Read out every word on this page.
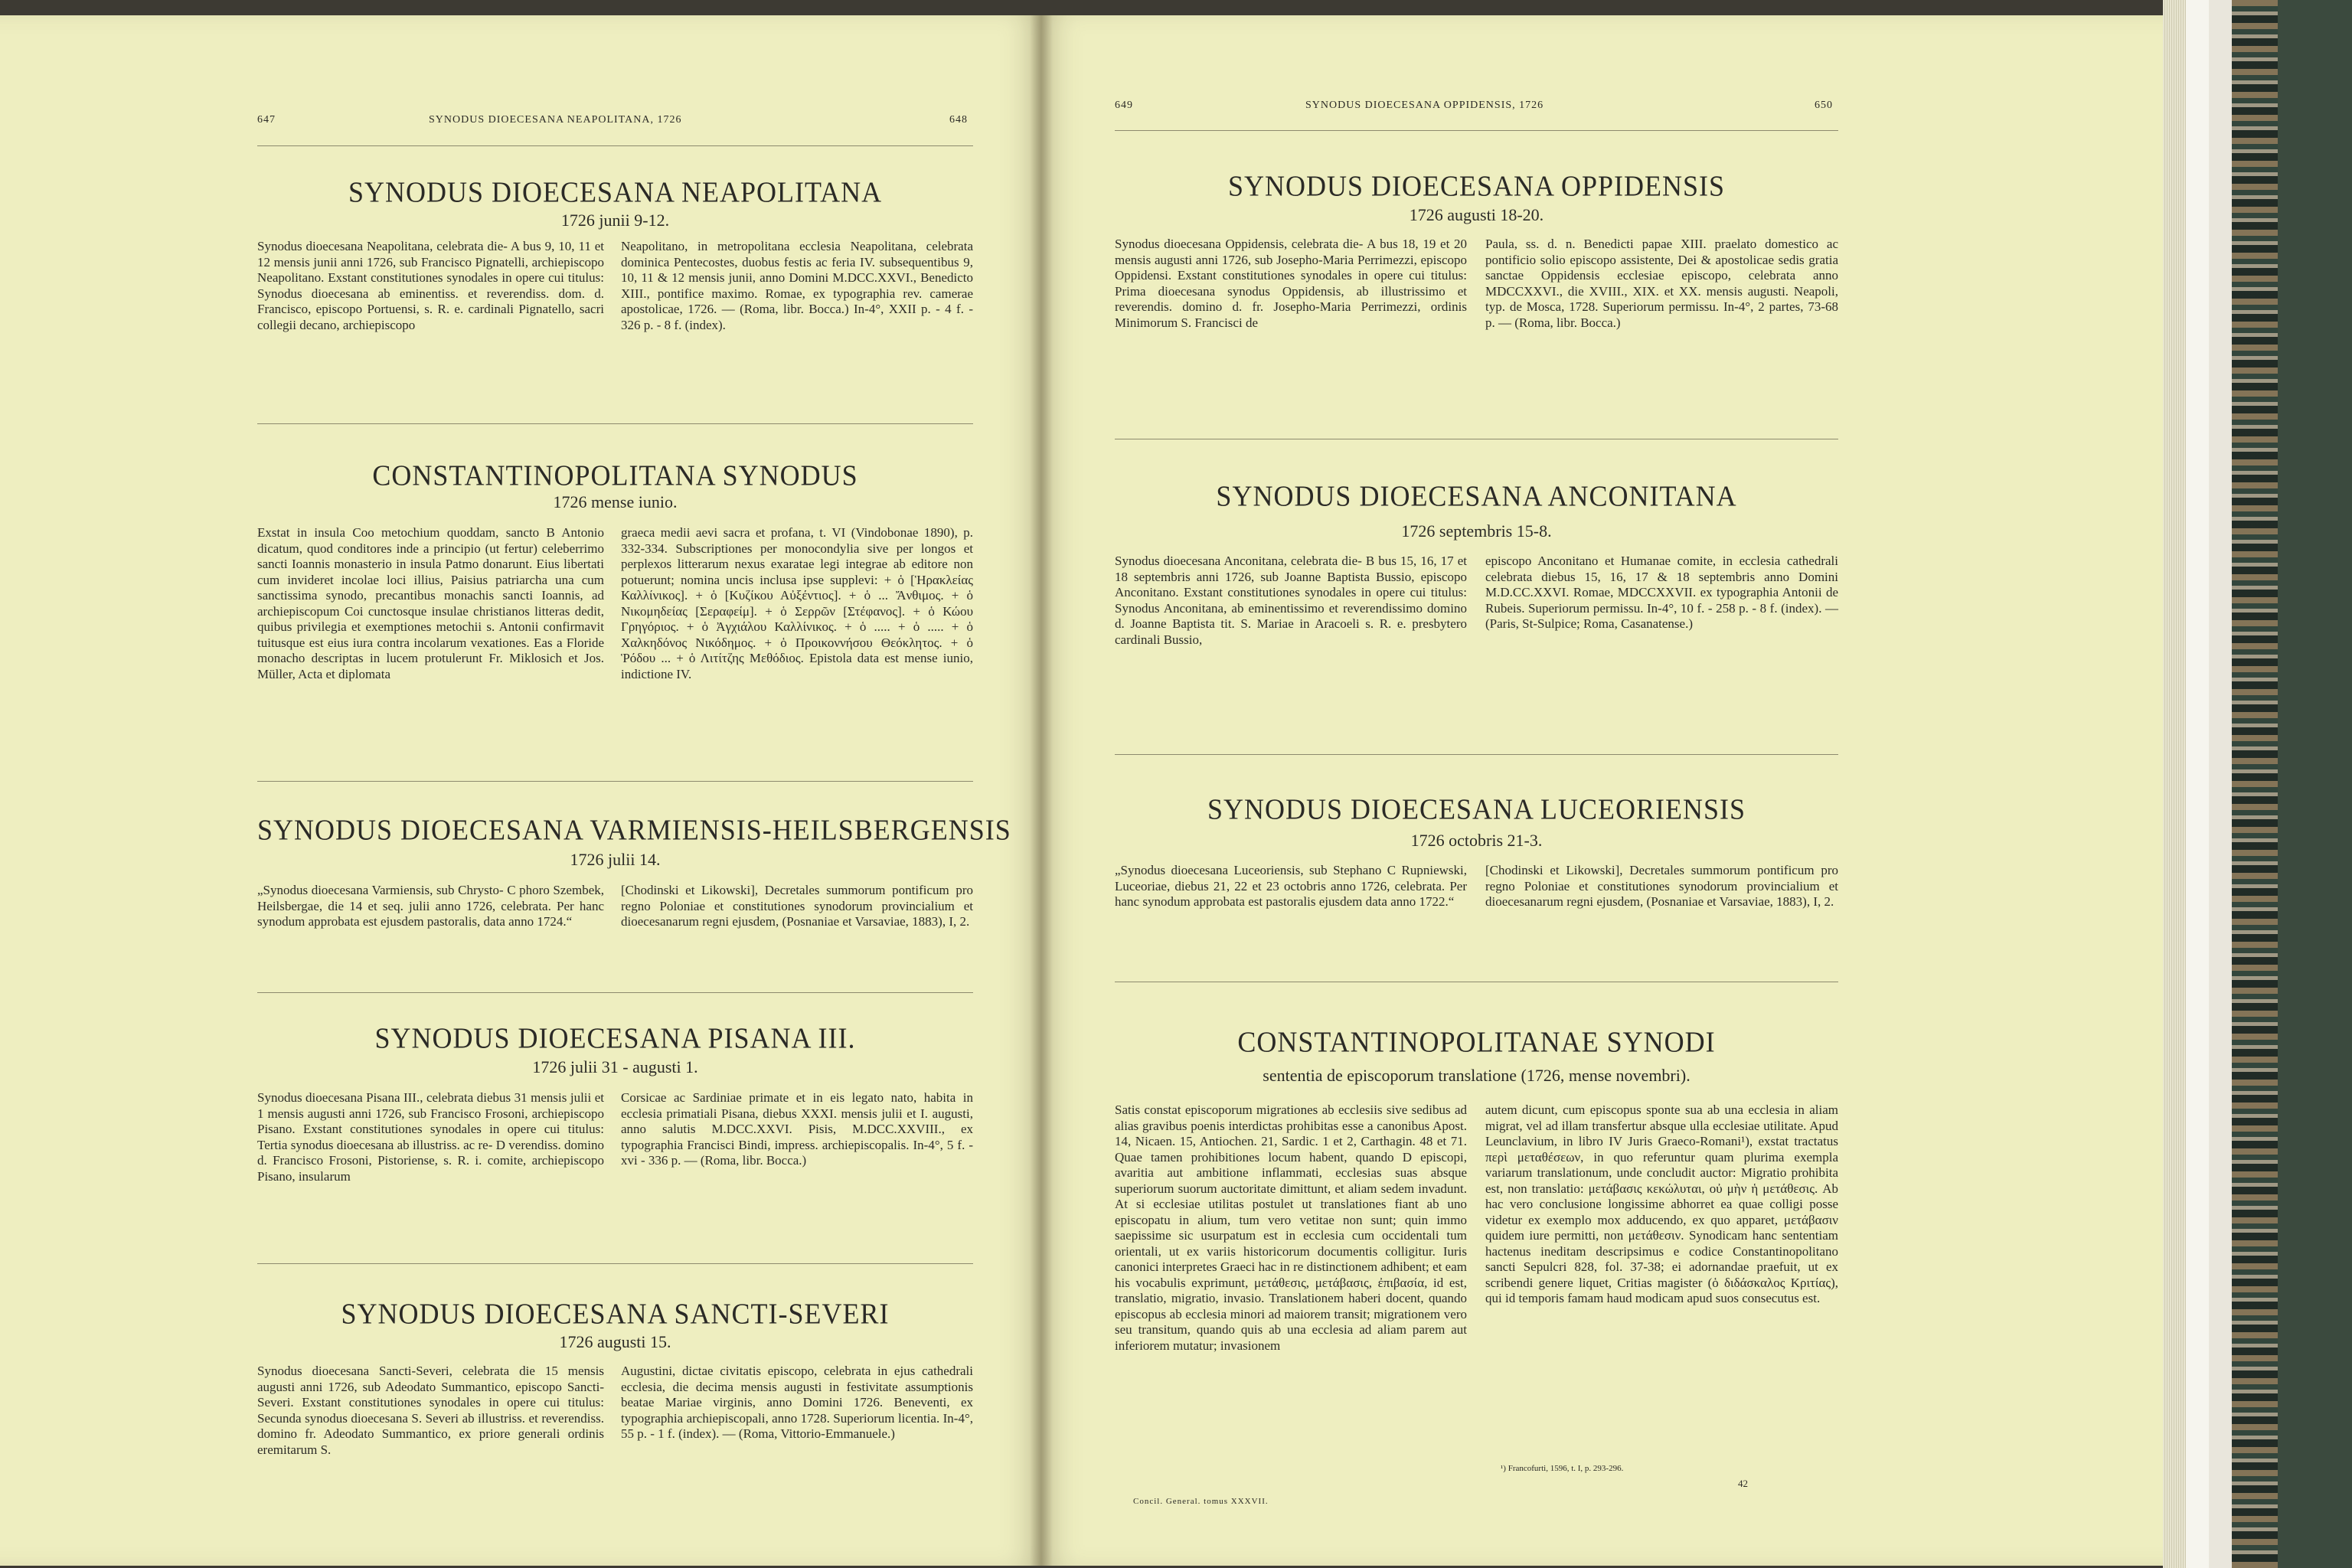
647	SYNODUS DIOECESANA NEAPOLITANA, 1726	648
SYNODUS DIOECESANA NEAPOLITANA
1726 junii 9-12.
Synodus dioecesana Neapolitana, celebrata die- A bus 9, 10, 11 et 12 mensis junii anni 1726, sub Francisco Pignatelli, archiepiscopo Neapolitano. Exstant constitutiones synodales in opere cui titulus: Synodus dioecesana ab eminentiss. et reverendiss. dom. d. Francisco, episcopo Portuensi, s. R. e. cardinali Pignatello, sacri collegii decano, archiepiscopo
Neapolitano, in metropolitana ecclesia Neapolitana, celebrata dominica Pentecostes, duobus festis ac feria IV. subsequentibus 9, 10, 11 & 12 mensis junii, anno Domini M.DCC.XXVI., Benedicto XIII., pontifice maximo. Romae, ex typographia rev. camerae apostolicae, 1726. — (Roma, libr. Bocca.) In-4°, XXII p. - 4 f. - 326 p. - 8 f. (index).
CONSTANTINOPOLITANA SYNODUS
1726 mense iunio.
Exstat in insula Coo metochium quoddam, sancto B Antonio dicatum, quod conditores inde a principio (ut fertur) celeberrimo sancti Ioannis monasterio in insula Patmo donarunt. Eius libertati cum invideret incolae loci illius, Paisius patriarcha una cum sanctissima synodo, precantibus monachis sancti Ioannis, ad archiepiscopum Coi cunctosque insulae christianos litteras dedit, quibus privilegia et exemptiones metochii s. Antonii confirmavit tuitusque est eius iura contra incolarum vexationes. Eas a Floride monacho descriptas in lucem protulerunt Fr. Miklosich et Jos. Müller, Acta et diplomata
graeca medii aevi sacra et profana, t. VI (Vindobonae 1890), p. 332-334. Subscriptiones per monocondylia sive per longos et perplexos litterarum nexus exaratae legi integrae ab editore non potuerunt; nomina uncis inclusa ipse supplevi: + ὁ [Ἡρακλείας Καλλίνικος]. + ὁ [Κυζίκου Αὐξέντιος]. + ὁ ... Ἄνθιμος. + ὁ Νικομηδείας [Σεραφείμ]. + ὁ Σερρῶν [Στέφανος]. + ὁ Κώου Γρηγόριος. + ὁ Ἀγχιάλου Καλλίνικος. + ὁ ..... + ὁ ..... + ὁ Χαλκηδόνος Νικόδημος. + ὁ Προικοννήσου Θεόκλητος. + ὁ Ῥόδου ... + ὁ Λιτίτζης Μεθόδιος. Epistola data est mense iunio, indictione IV.
SYNODUS DIOECESANA VARMIENSIS-HEILSBERGENSIS
1726 julii 14.
„Synodus dioecesana Varmiensis, sub Chrysto- C phoro Szembek, Heilsbergae, die 14 et seq. julii anno 1726, celebrata. Per hanc synodum approbata est ejusdem pastoralis, data anno 1724.“
[Chodinski et Likowski], Decretales summorum pontificum pro regno Poloniae et constitutiones synodorum provincialium et dioecesanarum regni ejusdem, (Posnaniae et Varsaviae, 1883), I, 2.
SYNODUS DIOECESANA PISANA III.
1726 julii 31 - augusti 1.
Synodus dioecesana Pisana III., celebrata diebus 31 mensis julii et 1 mensis augusti anni 1726, sub Francisco Frosoni, archiepiscopo Pisano. Exstant constitutiones synodales in opere cui titulus: Tertia synodus dioecesana ab illustriss. ac re- D verendiss. domino d. Francisco Frosoni, Pistoriense, s. R. i. comite, archiepiscopo Pisano, insularum
Corsicae ac Sardiniae primate et in eis legato nato, habita in ecclesia primatiali Pisana, diebus XXXI. mensis julii et I. augusti, anno salutis M.DCC.XXVI. Pisis, M.DCC.XXVIII., ex typographia Francisci Bindi, impress. archiepiscopalis. In-4°, 5 f. - xvi - 336 p. — (Roma, libr. Bocca.)
SYNODUS DIOECESANA SANCTI-SEVERI
1726 augusti 15.
Synodus dioecesana Sancti-Severi, celebrata die 15 mensis augusti anni 1726, sub Adeodato Summantico, episcopo Sancti-Severi. Exstant constitutiones synodales in opere cui titulus: Secunda synodus dioecesana S. Severi ab illustriss. et reverendiss. domino fr. Adeodato Summantico, ex priore generali ordinis eremitarum S.
Augustini, dictae civitatis episcopo, celebrata in ejus cathedrali ecclesia, die decima mensis augusti in festivitate assumptionis beatae Mariae virginis, anno Domini 1726. Beneventi, ex typographia archiepiscopali, anno 1728. Superiorum licentia. In-4°, 55 p. - 1 f. (index). — (Roma, Vittorio-Emmanuele.)
649	SYNODUS DIOECESANA OPPIDENSIS, 1726	650
SYNODUS DIOECESANA OPPIDENSIS
1726 augusti 18-20.
Synodus dioecesana Oppidensis, celebrata die- A bus 18, 19 et 20 mensis augusti anni 1726, sub Josepho-Maria Perrimezzi, episcopo Oppidensi. Exstant constitutiones synodales in opere cui titulus: Prima dioecesana synodus Oppidensis, ab illustrissimo et reverendis. domino d. fr. Josepho-Maria Perrimezzi, ordinis Minimorum S. Francisci de
Paula, ss. d. n. Benedicti papae XIII. praelato domestico ac pontificio solio episcopo assistente, Dei & apostolicae sedis gratia sanctae Oppidensis ecclesiae episcopo, celebrata anno MDCCXXVI., die XVIII., XIX. et XX. mensis augusti. Neapoli, typ. de Mosca, 1728. Superiorum permissu. In-4°, 2 partes, 73-68 p. — (Roma, libr. Bocca.)
SYNODUS DIOECESANA ANCONITANA
1726 septembris 15-8.
Synodus dioecesana Anconitana, celebrata die- B bus 15, 16, 17 et 18 septembris anni 1726, sub Joanne Baptista Bussio, episcopo Anconitano. Exstant constitutiones synodales in opere cui titulus: Synodus Anconitana, ab eminentissimo et reverendissimo domino d. Joanne Baptista tit. S. Mariae in Aracoeli s. R. e. presbytero cardinali Bussio,
episcopo Anconitano et Humanae comite, in ecclesia cathedrali celebrata diebus 15, 16, 17 & 18 septembris anno Domini M.D.CC.XXVI. Romae, MDCCXXVII. ex typographia Antonii de Rubeis. Superiorum permissu. In-4°, 10 f. - 258 p. - 8 f. (index). — (Paris, St-Sulpice; Roma, Casanatense.)
SYNODUS DIOECESANA LUCEORIENSIS
1726 octobris 21-3.
„Synodus dioecesana Luceoriensis, sub Stephano C Rupniewski, Luceoriae, diebus 21, 22 et 23 octobris anno 1726, celebrata. Per hanc synodum approbata est pastoralis ejusdem data anno 1722.“
[Chodinski et Likowski], Decretales summorum pontificum pro regno Poloniae et constitutiones synodorum provincialium et dioecesanarum regni ejusdem, (Posnaniae et Varsaviae, 1883), I, 2.
CONSTANTINOPOLITANAE SYNODI
sententia de episcoporum translatione (1726, mense novembri).
Satis constat episcoporum migrationes ab ecclesiis sive sedibus ad alias gravibus poenis interdictas prohibitas esse a canonibus Apost. 14, Nicaen. 15, Antiochen. 21, Sardic. 1 et 2, Carthagin. 48 et 71. Quae tamen prohibitiones locum habent, quando D episcopi, avaritia aut ambitione inflammati, ecclesias suas absque superiorum suorum auctoritate dimittunt, et aliam sedem invadunt. At si ecclesiae utilitas postulet ut translationes fiant ab uno episcopatu in alium, tum vero vetitae non sunt; quin immo saepissime sic usurpatum est in ecclesia cum occidentali tum orientali, ut ex variis historicorum documentis colligitur. Iuris canonici interpretes Graeci hac in re distinctionem adhibent; et eam his vocabulis exprimunt, μετάθεσις, μετάβασις, ἐπιβασία, id est, translatio, migratio, invasio. Translationem haberi docent, quando episcopus ab ecclesia minori ad maiorem transit; migrationem vero seu transitum, quando quis ab una ecclesia ad aliam parem aut inferiorem mutatur; invasionem
autem dicunt, cum episcopus sponte sua ab una ecclesia in aliam migrat, vel ad illam transfertur absque ulla ecclesiae utilitate. Apud Leunclavium, in libro IV Juris Graeco-Romani¹), exstat tractatus περὶ μεταθέσεων, in quo referuntur quam plurima exempla variarum translationum, unde concludit auctor: Migratio prohibita est, non translatio: μετάβασις κεκώλυται, οὐ μὴν ἡ μετάθεσις. Ab hac vero conclusione longissime abhorret ea quae colligi posse videtur ex exemplo mox adducendo, ex quo apparet, μετάβασιν quidem iure permitti, non μετάθεσιν. Synodicam hanc sententiam hactenus ineditam descripsimus e codice Constantinopolitano sancti Sepulcri 828, fol. 37-38; ei adornandae praefuit, ut ex scribendi genere liquet, Critias magister (ὁ διδάσκαλος Κριτίας), qui id temporis famam haud modicam apud suos consecutus est.
¹) Francofurti, 1596, t. I, p. 293-296.
Concil. General. tomus XXXVII.
42
